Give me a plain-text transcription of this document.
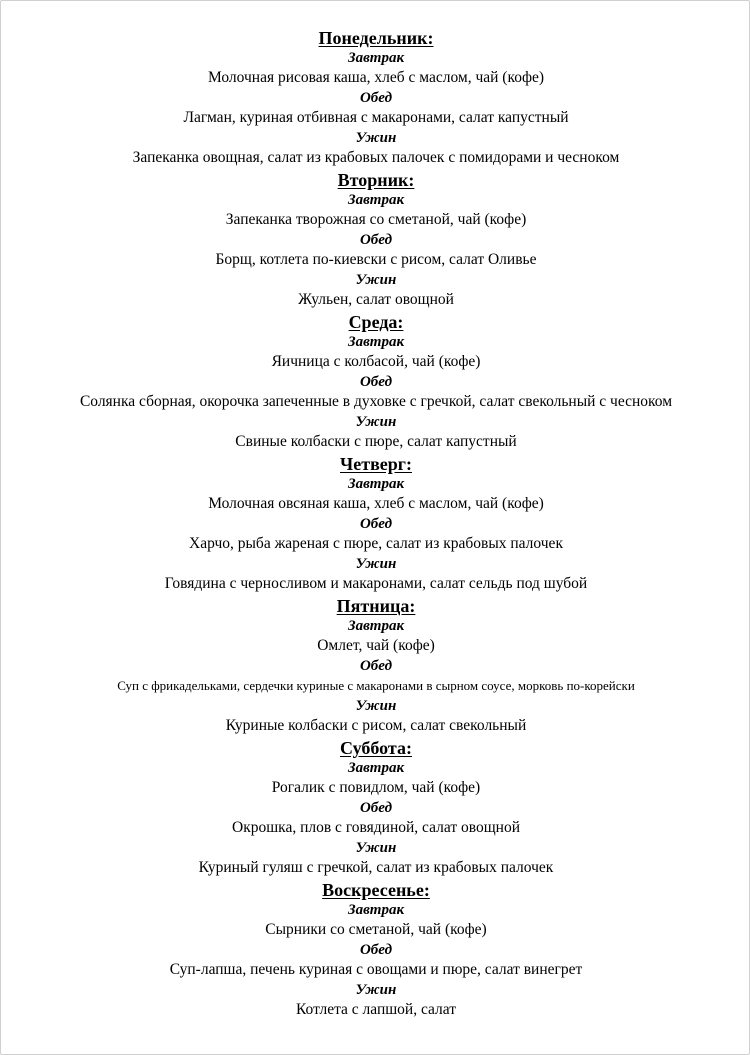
Понедельник:
Завтрак
Молочная рисовая каша, хлеб с маслом, чай (кофе)
Обед
Лагман, куриная отбивная с макаронами, салат капустный
Ужин
Запеканка овощная, салат из крабовых палочек с помидорами и чесноком
Вторник:
Завтрак
Запеканка творожная со сметаной, чай (кофе)
Обед
Борщ, котлета по-киевски с рисом, салат Оливье
Ужин
Жульен, салат овощной
Среда:
Завтрак
Яичница с колбасой, чай (кофе)
Обед
Солянка сборная, окорочка запеченные в духовке с гречкой, салат свекольный с чесноком
Ужин
Свиные колбаски с пюре, салат капустный
Четверг:
Завтрак
Молочная овсяная каша, хлеб с маслом, чай (кофе)
Обед
Харчо, рыба жареная с пюре, салат из крабовых палочек
Ужин
Говядина с черносливом и макаронами, салат сельдь под шубой
Пятница:
Завтрак
Омлет, чай (кофе)
Обед
Суп с фрикадельками, сердечки куриные с макаронами в сырном соусе, морковь по-корейски
Ужин
Куриные колбаски с рисом, салат свекольный
Суббота:
Завтрак
Рогалик с повидлом, чай (кофе)
Обед
Окрошка, плов с говядиной, салат овощной
Ужин
Куриный гуляш с гречкой, салат из крабовых палочек
Воскресенье:
Завтрак
Сырники со сметаной, чай (кофе)
Обед
Суп-лапша, печень куриная с овощами и пюре, салат винегрет
Ужин
Котлета с лапшой, салат
